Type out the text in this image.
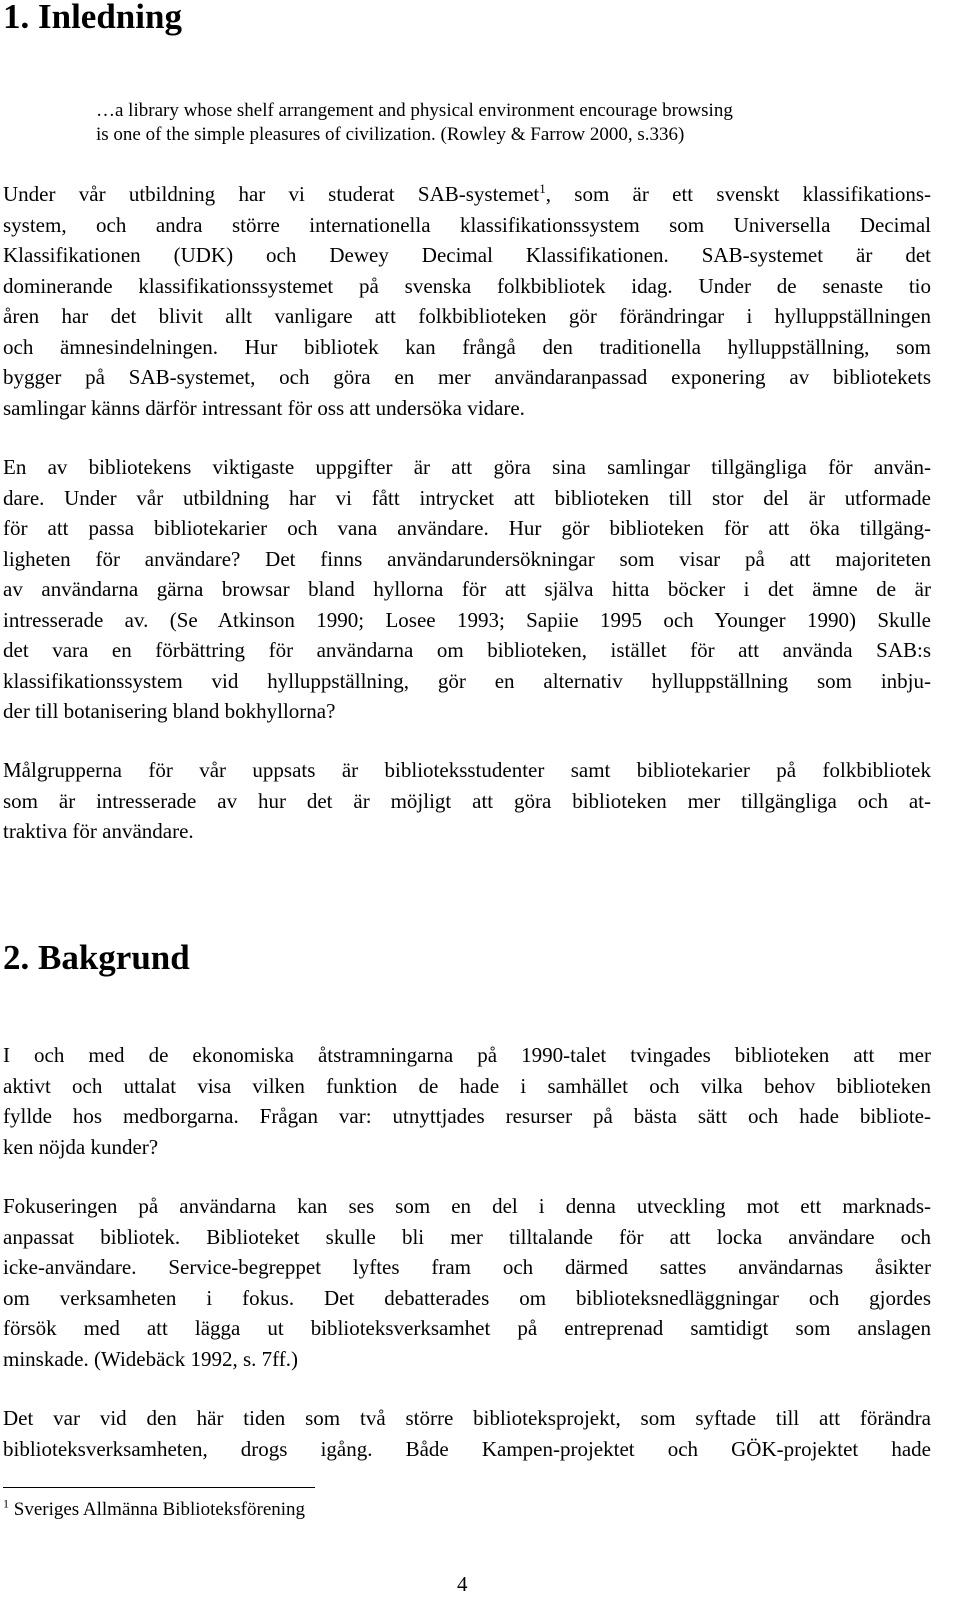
1. Inledning
…a library whose shelf arrangement and physical environment encourage browsing
is one of the simple pleasures of civilization. (Rowley & Farrow 2000, s.336)
Under vår utbildning har vi studerat SAB-systemet$^1$, som är ett svenskt klassifikations-
system, och andra större internationella klassifikationssystem som Universella Decimal
Klassifikationen (UDK) och Dewey Decimal Klassifikationen. SAB-systemet är det
dominerande klassifikationssystemet på svenska folkbibliotek idag. Under de senaste tio
åren har det blivit allt vanligare att folkbiblioteken gör förändringar i hylluppställningen
och ämnesindelningen. Hur bibliotek kan frångå den traditionella hylluppställning, som
bygger på SAB-systemet, och göra en mer användaranpassad exponering av bibliotekets
samlingar känns därför intressant för oss att undersöka vidare.
En av bibliotekens viktigaste uppgifter är att göra sina samlingar tillgängliga för använ-
dare. Under vår utbildning har vi fått intrycket att biblioteken till stor del är utformade
för att passa bibliotekarier och vana användare. Hur gör biblioteken för att öka tillgäng-
ligheten för användare? Det finns användarundersökningar som visar på att majoriteten
av användarna gärna browsar bland hyllorna för att själva hitta böcker i det ämne de är
intresserade av. (Se Atkinson 1990; Losee 1993; Sapiie 1995 och Younger 1990) Skulle
det vara en förbättring för användarna om biblioteken, istället för att använda SAB:s
klassifikationssystem vid hylluppställning, gör en alternativ hylluppställning som inbju-
der till botanisering bland bokhyllorna?
Målgrupperna för vår uppsats är biblioteksstudenter samt bibliotekarier på folkbibliotek
som är intresserade av hur det är möjligt att göra biblioteken mer tillgängliga och at-
traktiva för användare.
2. Bakgrund
I och med de ekonomiska åtstramningarna på 1990-talet tvingades biblioteken att mer
aktivt och uttalat visa vilken funktion de hade i samhället och vilka behov biblioteken
fyllde hos medborgarna. Frågan var: utnyttjades resurser på bästa sätt och hade bibliote-
ken nöjda kunder?
Fokuseringen på användarna kan ses som en del i denna utveckling mot ett marknads-
anpassat bibliotek. Biblioteket skulle bli mer tilltalande för att locka användare och
icke-användare. Service-begreppet lyftes fram och därmed sattes användarnas åsikter
om verksamheten i fokus. Det debatterades om biblioteksnedläggningar och gjordes
försök med att lägga ut biblioteksverksamhet på entreprenad samtidigt som anslagen
minskade. (Widebäck 1992, s. 7ff.)
Det var vid den här tiden som två större biblioteksprojekt, som syftade till att förändra
biblioteksverksamheten, drogs igång. Både Kampen-projektet och GÖK-projektet hade
$^1$ Sveriges Allmänna Biblioteksförening
4
